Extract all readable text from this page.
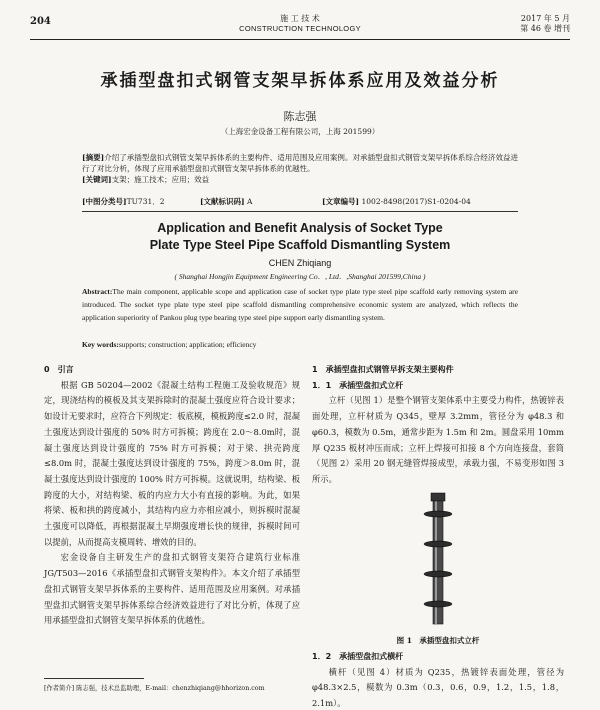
204	施 工 技 术
CONSTRUCTION TECHNOLOGY
2017 年 5 月
第 46 卷 增刊
承插型盘扣式钢管支架早拆体系应用及效益分析
陈志强
（上海宏金设备工程有限公司，上海 201599）
[摘要]介绍了承插型盘扣式钢管支架早拆体系的主要构件、适用范围及应用案例。对承插型盘扣式钢管支架早拆体系综合经济效益进行了对比分析，体现了应用承插型盘扣式钢管支架早拆体系的优越性。
[关键词]支架；施工技术；应用；效益
[中图分类号]TU731．2	[文献标识码] A	[文章编号] 1002-8498(2017)S1-0204-04
Application and Benefit Analysis of Socket Type
Plate Type Steel Pipe Scaffold Dismantling System
CHEN Zhiqiang
( Shanghai Hongjin Equipment Engineering Co．, Ltd．,Shanghai 201599,China )
Abstract:The main component, applicable scope and application case of socket type plate type steel pipe scaffold early removing system are introduced. The socket type plate type steel pipe scaffold dismantling comprehensive economic system are analyzed, which reflects the application superiority of Pankou plug type bearing type steel pipe support early dismantling system.
Key words:supports; construction; application; efficiency
0　引言
根据 GB 50204—2002《混凝土结构工程施工及验收规范》规定，现浇结构的模板及其支架拆除时的混凝土强度应符合设计要求；如设计无要求时，应符合下列规定：板底模，模板跨度≤2.0 时，混凝土强度达到设计强度的 50% 时方可拆模；跨度在 2.0～8.0m时，混凝土强度达到设计强度的 75% 时方可拆模；对于梁、拱壳跨度≤8.0m 时，混凝土强度达到设计强度的 75%，跨度＞8.0m 时，混凝土强度达到设计强度的 100% 时方可拆模。这就说明，结构梁、板跨度的大小，对结构梁、板的内应力大小有直接的影响。为此，如果将梁、板和拱的跨度减小，其结构内应力亦相应减小，则拆模时混凝土强度可以降低，再根据混凝土早期强度增长快的规律，拆模时间可以提前，从而提高支模周转、增效的目的。
宏金设备自主研发生产的盘扣式钢管支架符合建筑行业标准 JG/T503—2016《承插型盘扣式钢管支架构件》。本文介绍了承插型盘扣式钢管支架早拆体系的主要构件、适用范围及应用案例。对承插型盘扣式钢管支架早拆体系综合经济效益进行了对比分析，体现了应用承插型盘扣式钢管支架早拆体系的优越性。
1　承插型盘扣式钢管早拆支架主要构件
1．1　承插型盘扣式立杆
立杆（见图 1）是整个钢管支架体系中主要受力构件，热镀锌表面处理，立杆材质为 Q345，壁厚 3.2mm，管径分为 φ48.3 和 φ60.3，模数为 0.5m，通常步距为 1.5m 和 2m。圆盘采用 10mm 厚 Q235 板材冲压而成；立杆上焊接可扣接 8 个方向连接盘，套筒（见图 2）采用 20 钢无缝管焊接成型，承载力强，不易变形如图 3 所示。
图 1　承插型盘扣式立杆
1．2　承插型盘扣式横杆
横杆（见图 4）材质为 Q235，热镀锌表面处理，管径为 φ48.3×2.5，模数为 0.3m（0.3，0.6，0.9，1.2，1.5，1.8，2.1m）。
[作者简介] 陈志强，技术总监助理，E-mail：chenzhiqiang@hhorizon.com
